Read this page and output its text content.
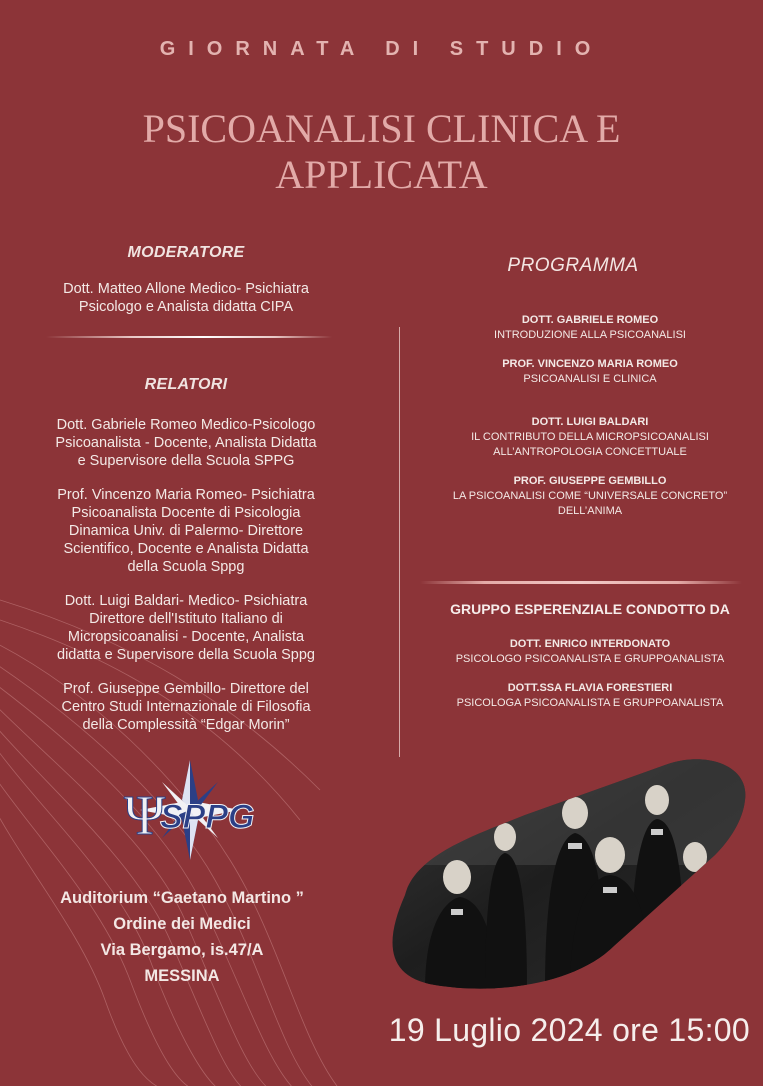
GIORNATA DI STUDIO
PSICOANALISI CLINICA E
APPLICATA
MODERATORE
Dott. Matteo Allone Medico- Psichiatra
Psicologo e Analista didatta CIPA
RELATORI
Dott. Gabriele Romeo Medico-Psicologo
Psicoanalista - Docente, Analista Didatta
e Supervisore della Scuola SPPG
Prof. Vincenzo Maria Romeo- Psichiatra
Psicoanalista Docente di Psicologia
Dinamica Univ. di Palermo- Direttore
Scientifico, Docente e Analista Didatta
della Scuola Sppg
Dott. Luigi Baldari- Medico- Psichiatra
Direttore dell'Istituto Italiano di
Micropsicoanalisi - Docente, Analista
didatta e Supervisore della Scuola Sppg
Prof. Giuseppe Gembillo- Direttore del
Centro Studi Internazionale di Filosofia
della Complessità “Edgar Morin”
PROGRAMMA
DOTT. GABRIELE ROMEO
INTRODUZIONE ALLA PSICOANALISI
PROF. VINCENZO MARIA ROMEO
PSICOANALISI E CLINICA
DOTT. LUIGI BALDARI
IL CONTRIBUTO DELLA MICROPSICOANALISI
ALL’ANTROPOLOGIA CONCETTUALE
PROF. GIUSEPPE GEMBILLO
LA PSICOANALISI COME “UNIVERSALE CONCRETO”
DELL’ANIMA
GRUPPO ESPERENZIALE CONDOTTO DA
DOTT. ENRICO INTERDONATO
PSICOLOGO PSICOANALISTA E GRUPPOANALISTA
DOTT.SSA FLAVIA FORESTIERI
PSICOLOGA PSICOANALISTA E GRUPPOANALISTA
Ψ
SPPG
Auditorium “Gaetano Martino ”
Ordine dei Medici
Via Bergamo, is.47/A
MESSINA
19 Luglio 2024 ore 15:00
